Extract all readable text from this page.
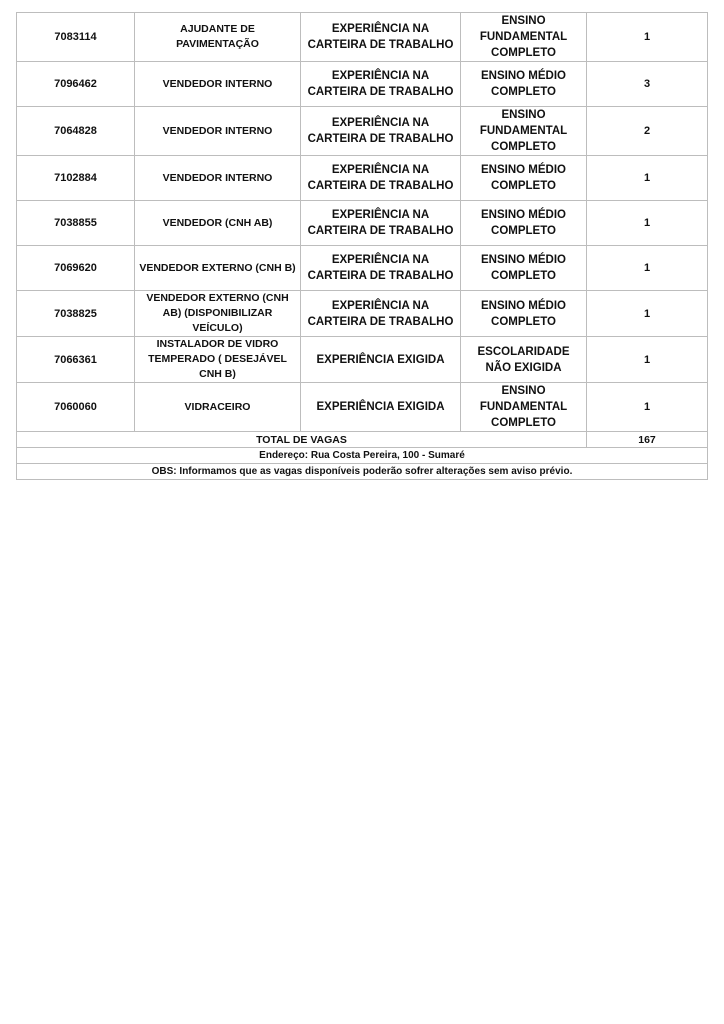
7083114	AJUDANTE DE PAVIMENTAÇÃO	EXPERIÊNCIA NA CARTEIRA DE TRABALHO	ENSINO FUNDAMENTAL COMPLETO	1
7096462	VENDEDOR INTERNO	EXPERIÊNCIA NA CARTEIRA DE TRABALHO	ENSINO MÉDIO COMPLETO	3
7064828	VENDEDOR INTERNO	EXPERIÊNCIA NA CARTEIRA DE TRABALHO	ENSINO FUNDAMENTAL COMPLETO	2
7102884	VENDEDOR INTERNO	EXPERIÊNCIA NA CARTEIRA DE TRABALHO	ENSINO MÉDIO COMPLETO	1
7038855	VENDEDOR (CNH AB)	EXPERIÊNCIA NA CARTEIRA DE TRABALHO	ENSINO MÉDIO COMPLETO	1
7069620	VENDEDOR EXTERNO (CNH B)	EXPERIÊNCIA NA CARTEIRA DE TRABALHO	ENSINO MÉDIO COMPLETO	1
7038825	VENDEDOR EXTERNO (CNH AB) (DISPONIBILIZAR VEÍCULO)	EXPERIÊNCIA NA CARTEIRA DE TRABALHO	ENSINO MÉDIO COMPLETO	1
7066361	INSTALADOR DE VIDRO TEMPERADO ( DESEJÁVEL CNH B)	EXPERIÊNCIA EXIGIDA	ESCOLARIDADE NÃO EXIGIDA	1
7060060	VIDRACEIRO	EXPERIÊNCIA EXIGIDA	ENSINO FUNDAMENTAL COMPLETO	1
TOTAL DE VAGAS				167
Endereço: Rua Costa Pereira, 100 - Sumaré				
OBS: Informamos que as vagas disponíveis poderão sofrer alterações sem aviso prévio.				
